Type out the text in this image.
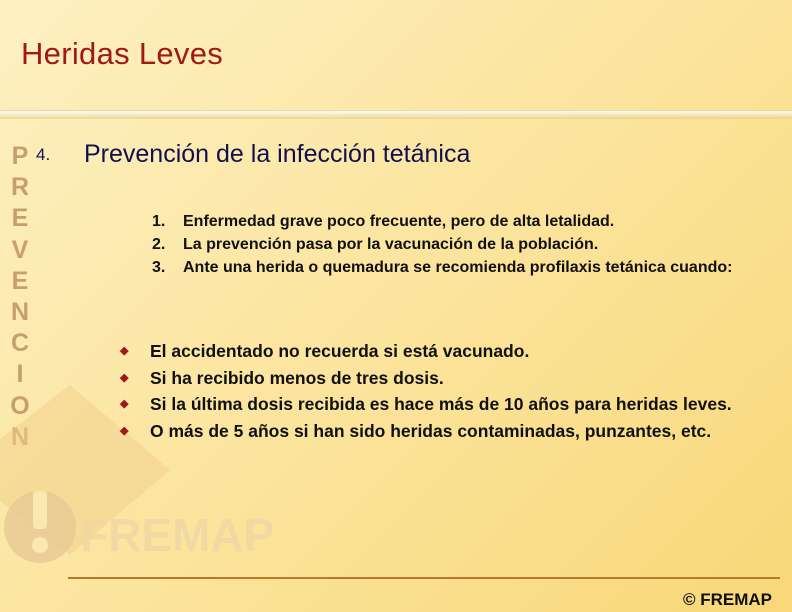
Heridas Leves
P
R
E
V
E
N
C
I
O
FREMAP
4. Prevención de la infección tetánica
1.	Enfermedad grave poco frecuente, pero de alta letalidad.
2.	La prevención pasa por la vacunación de la población.
3.	Ante una herida o quemadura se recomienda profilaxis tetánica cuando:
◆	El accidentado no recuerda si está vacunado.
◆	Si ha recibido menos de tres dosis.
◆	Si la última dosis recibida es hace más de 10 años para heridas leves.
◆	O más de 5 años si han sido heridas contaminadas, punzantes, etc.
© FREMAP
